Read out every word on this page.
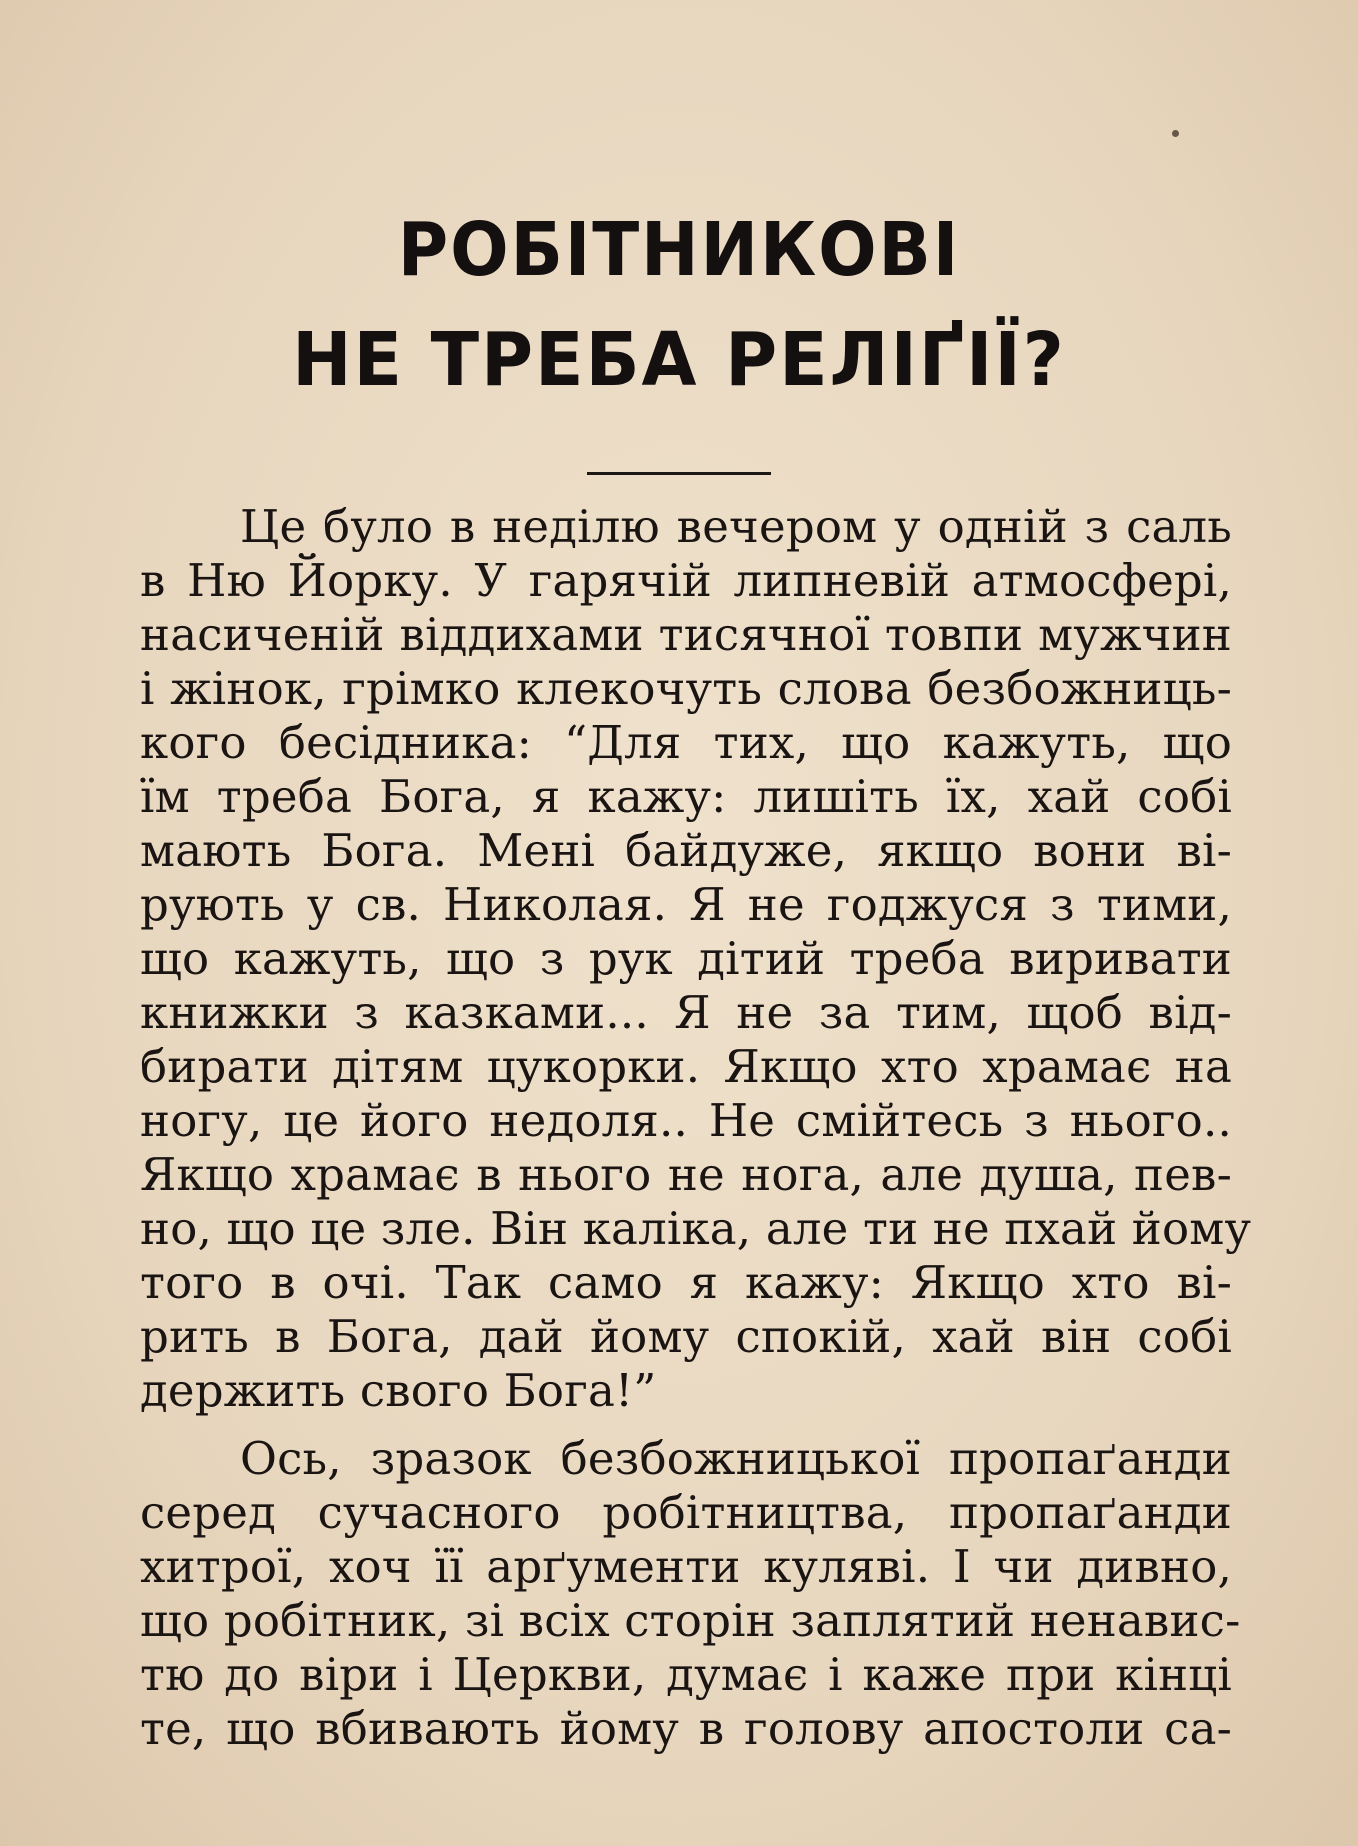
РОБІТНИКОВІ
НЕ ТРЕБА РЕЛІҐІЇ?
Це було в неділю вечером у одній з саль
в Ню Йорку. У гарячій липневій атмосфері,
насиченій віддихами тисячної товпи мужчин
і жінок, грімко клекочуть слова безбожниць-
кого бесідника: “Для тих, що кажуть, що
їм треба Бога, я кажу: лишіть їх, хай собі
мають Бога. Мені байдуже, якщо вони ві-
рують у св. Николая. Я не годжуся з тими,
що кажуть, що з рук дітий треба виривати
книжки з казками... Я не за тим, щоб від-
бирати дітям цукорки. Якщо хто храмає на
ногу, це його недоля.. Не смійтесь з нього..
Якщо храмає в нього не нога, але душа, пев-
но, що це зле. Він каліка, але ти не пхай йому
того в очі. Так само я кажу: Якщо хто ві-
рить в Бога, дай йому спокій, хай він собі
держить свого Бога!”
Ось, зразок безбожницької пропаґанди
серед сучасного робітництва, пропаґанди
хитрої, хоч її арґументи куляві. І чи дивно,
що робітник, зі всіх сторін заплятий ненавис-
тю до віри і Церкви, думає і каже при кінці
те, що вбивають йому в голову апостоли са-
